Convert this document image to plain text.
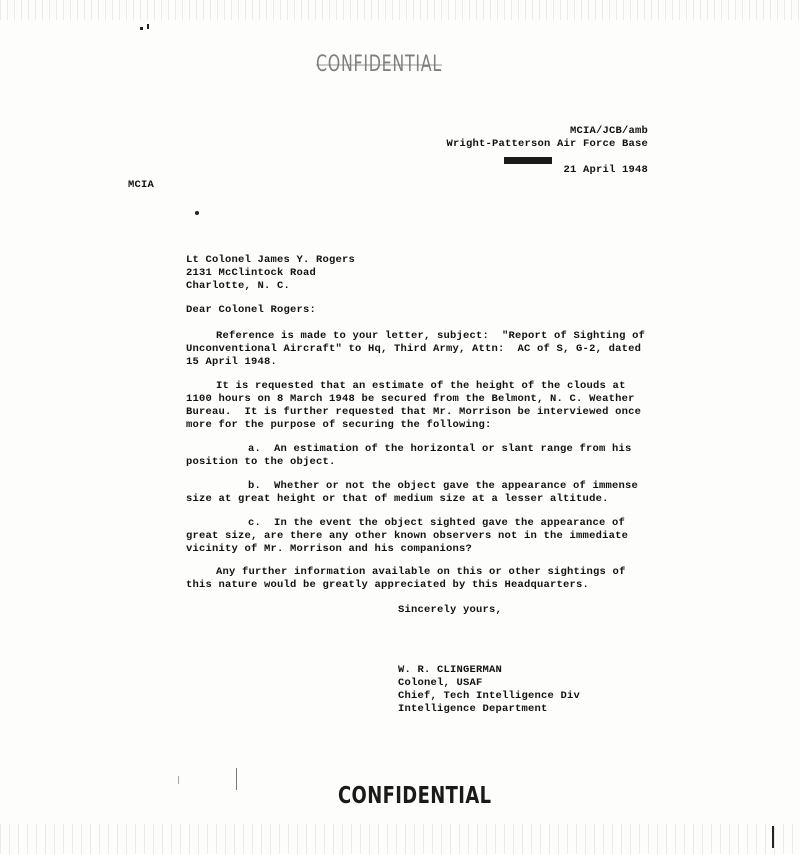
CONFIDENTIAL
MCIA/JCB/amb
Wright-Patterson Air Force Base
21 April 1948
MCIA
Lt Colonel James Y. Rogers
2131 McClintock Road
Charlotte, N. C.
Dear Colonel Rogers:
Reference is made to your letter, subject:  "Report of Sighting of
Unconventional Aircraft" to Hq, Third Army, Attn:  AC of S, G-2, dated
15 April 1948.
It is requested that an estimate of the height of the clouds at
1100 hours on 8 March 1948 be secured from the Belmont, N. C. Weather
Bureau.  It is further requested that Mr. Morrison be interviewed once
more for the purpose of securing the following:
a.  An estimation of the horizontal or slant range from his
position to the object.
b.  Whether or not the object gave the appearance of immense
size at great height or that of medium size at a lesser altitude.
c.  In the event the object sighted gave the appearance of
great size, are there any other known observers not in the immediate
vicinity of Mr. Morrison and his companions?
Any further information available on this or other sightings of
this nature would be greatly appreciated by this Headquarters.
Sincerely yours,
W. R. CLINGERMAN
Colonel, USAF
Chief, Tech Intelligence Div
Intelligence Department
CONFIDENTIAL
